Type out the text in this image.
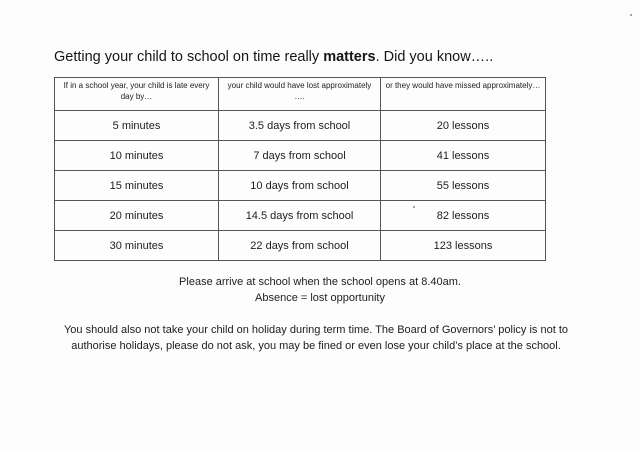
Getting your child to school on time really matters. Did you know…..
If in a school year, your child is late every day by…	your child would have lost approximately ….	or they would have missed approximately…
5 minutes	3.5 days from school	20 lessons
10 minutes	7 days from school	41 lessons
15 minutes	10 days from school	55 lessons
20 minutes	14.5 days from school	82 lessons
30 minutes	22 days from school	123 lessons
Please arrive at school when the school opens at 8.40am.
Absence = lost opportunity
You should also not take your child on holiday during term time. The Board of Governors’ policy is not to authorise holidays, please do not ask, you may be fined or even lose your child’s place at the school.
